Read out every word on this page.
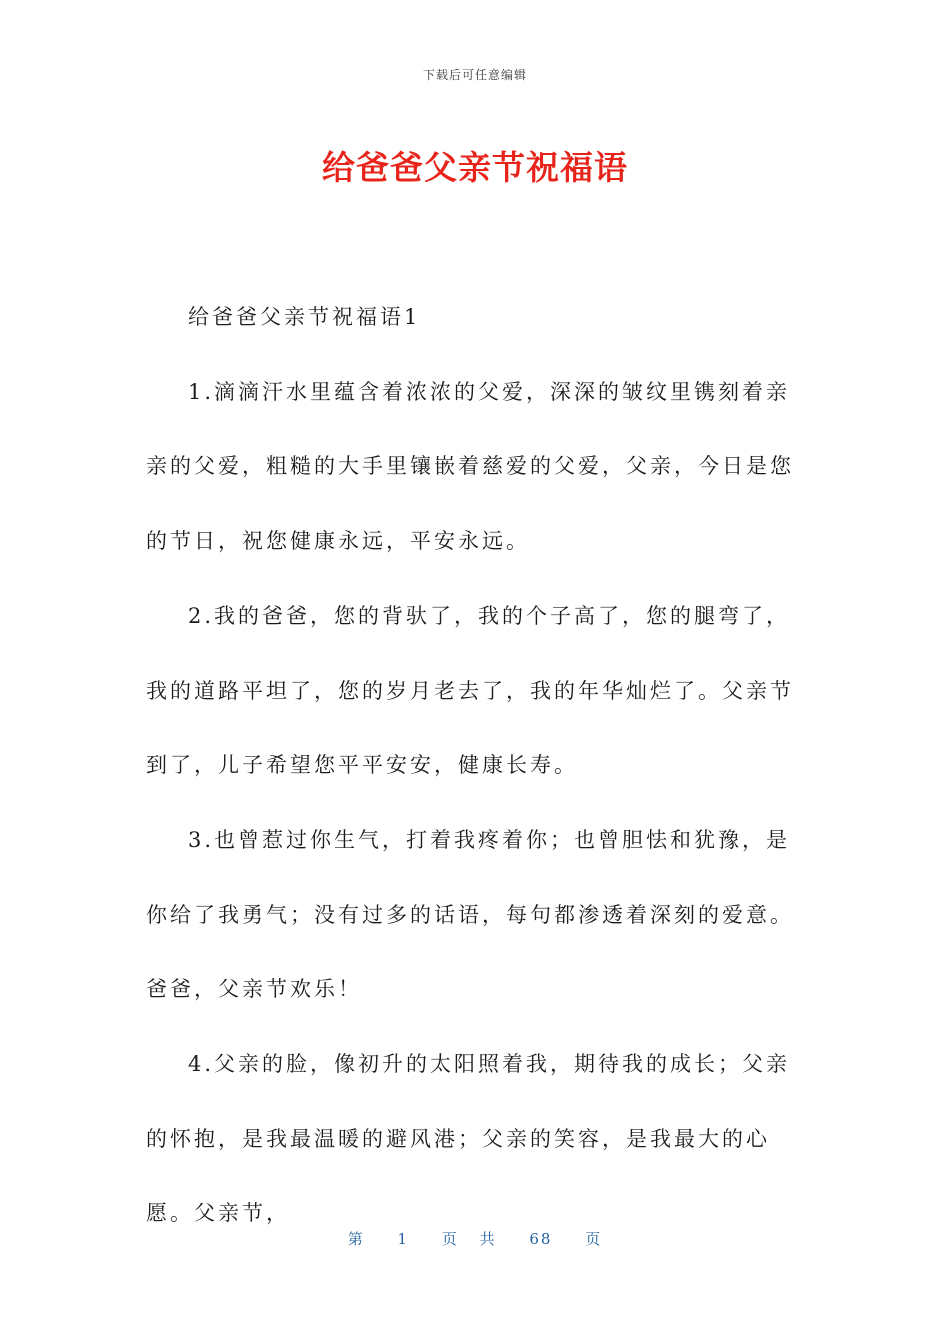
下载后可任意编辑
给爸爸父亲节祝福语

给爸爸父亲节祝福语1

1.滴滴汗水里蕴含着浓浓的父爱，深深的皱纹里镌刻着亲亲的父爱，粗糙的大手里镶嵌着慈爱的父爱，父亲，今日是您的节日，祝您健康永远，平安永远。

2.我的爸爸，您的背驮了，我的个子高了，您的腿弯了，我的道路平坦了，您的岁月老去了，我的年华灿烂了。父亲节到了，儿子希望您平平安安，健康长寿。

3.也曾惹过你生气，打着我疼着你；也曾胆怯和犹豫，是你给了我勇气；没有过多的话语，每句都渗透着深刻的爱意。爸爸，父亲节欢乐！

4.父亲的脸，像初升的太阳照着我，期待我的成长；父亲的怀抱，是我最温暖的避风港；父亲的笑容，是我最大的心愿。父亲节，

第 1 页 共 68 页
